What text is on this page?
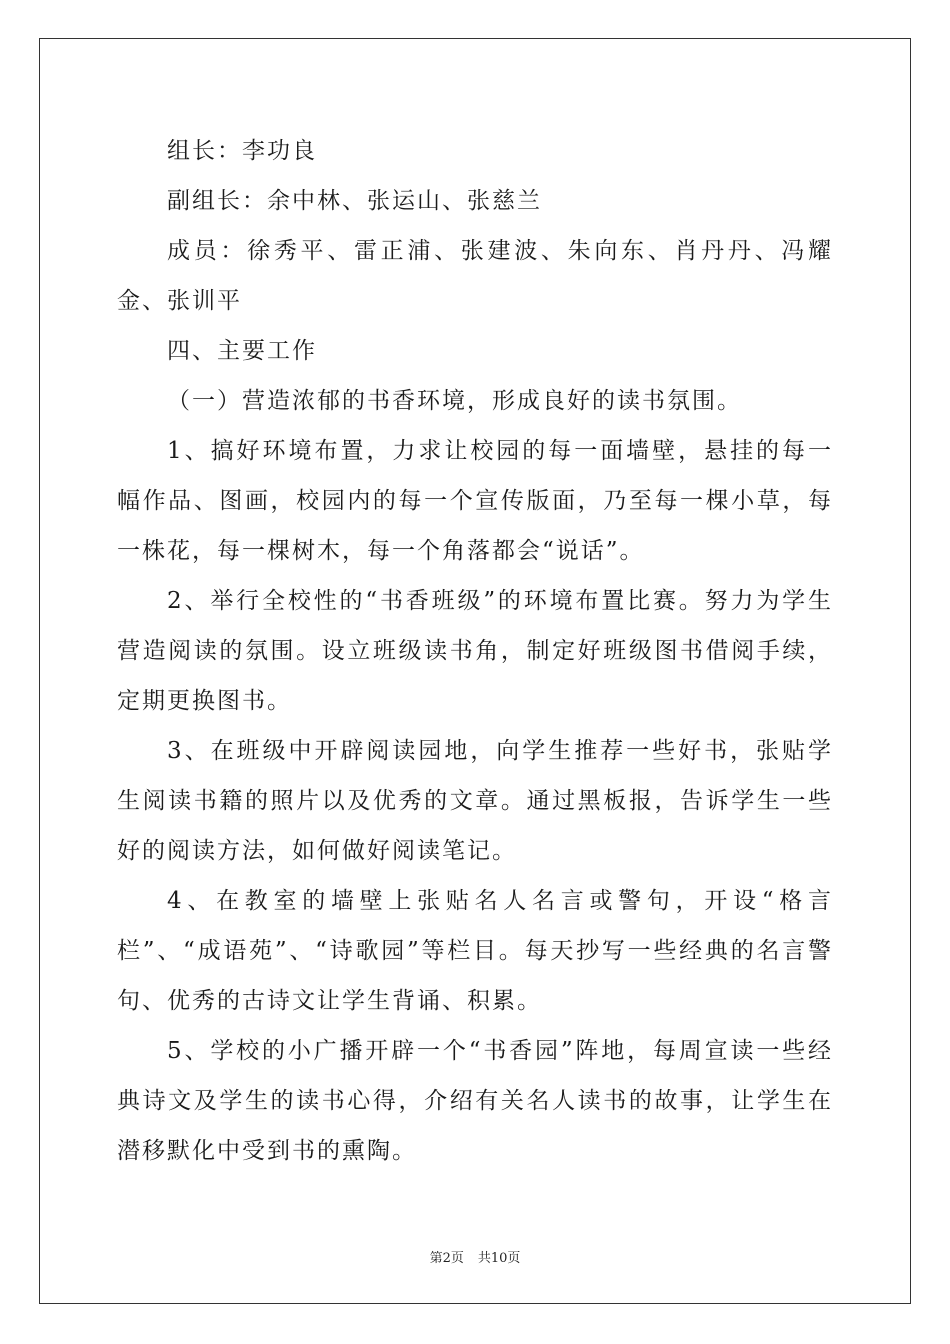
组长：李功良
副组长：余中林、张运山、张慈兰

成员：徐秀平、雷正浦、张建波、朱向东、肖丹丹、冯耀金、张训平

四、主要工作
（一）营造浓郁的书香环境，形成良好的读书氛围。

1、搞好环境布置，力求让校园的每一面墙壁，悬挂的每一幅作品、图画，校园内的每一个宣传版面，乃至每一棵小草，每一株花，每一棵树木，每一个角落都会“说话”。

2、举行全校性的“书香班级”的环境布置比赛。努力为学生营造阅读的氛围。设立班级读书角，制定好班级图书借阅手续，定期更换图书。

3、在班级中开辟阅读园地，向学生推荐一些好书，张贴学生阅读书籍的照片以及优秀的文章。通过黑板报，告诉学生一些好的阅读方法，如何做好阅读笔记。

4、在教室的墙壁上张贴名人名言或警句，开设“格言栏”、“成语苑”、“诗歌园”等栏目。每天抄写一些经典的名言警句、优秀的古诗文让学生背诵、积累。

5、学校的小广播开辟一个“书香园”阵地，每周宣读一些经典诗文及学生的读书心得，介绍有关名人读书的故事，让学生在潜移默化中受到书的熏陶。

第2页 共10页
